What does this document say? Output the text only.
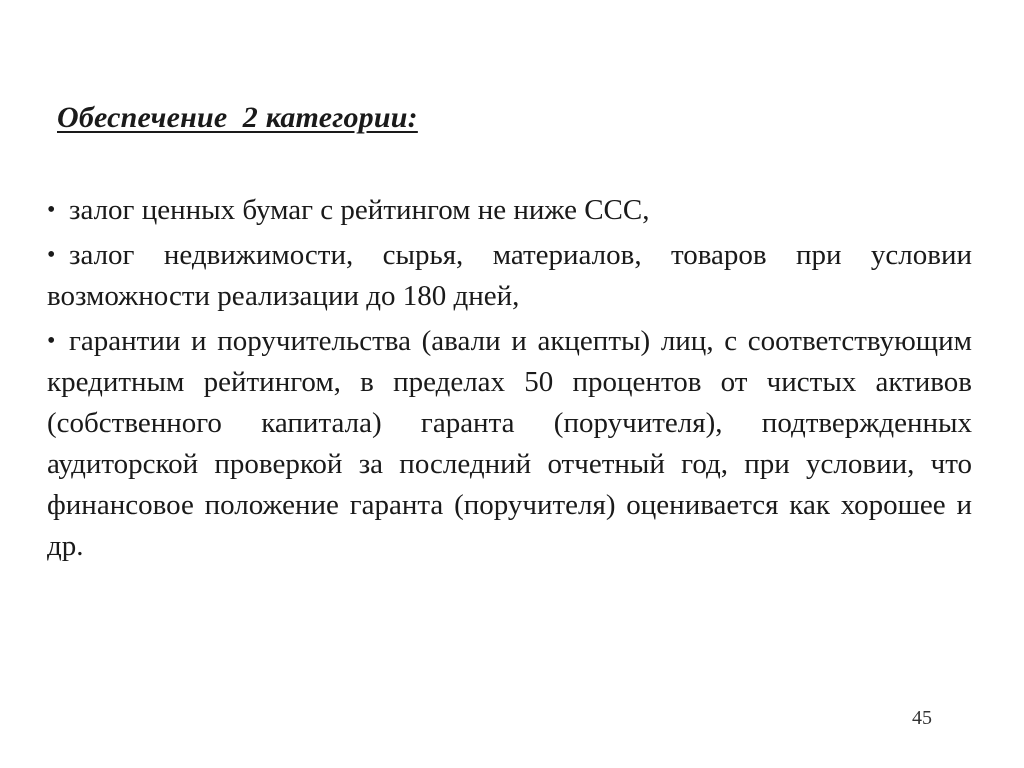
Обеспечение  2 категории:
• залог ценных бумаг с рейтингом не ниже ССС,
• залог недвижимости, сырья, материалов, товаров при условии возможности реализации до 180 дней,
• гарантии и поручительства (авали и акцепты) лиц, с соответствующим кредитным рейтингом, в пределах 50 процентов от чистых активов (собственного капитала) гаранта (поручителя), подтвержденных аудиторской проверкой за последний отчетный год, при условии, что финансовое положение гаранта (поручителя) оценивается как хорошее и др.
45
